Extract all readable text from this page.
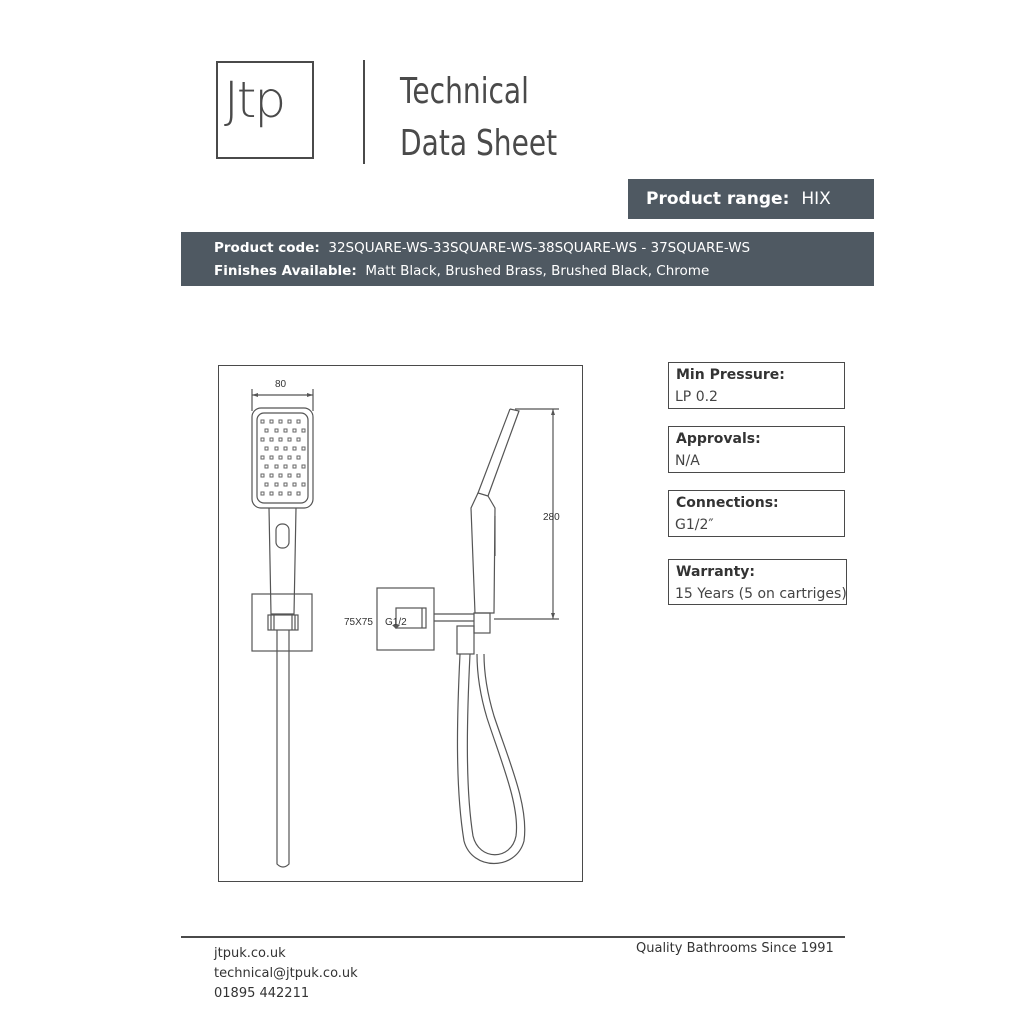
Jtp	Technical
Data Sheet
Product range: HIX
Product code: 32SQUARE-WS-33SQUARE-WS-38SQUARE-WS - 37SQUARE-WS
Finishes Available: Matt Black, Brushed Brass, Brushed Black, Chrome
80
280
75X75 G1/2
Min Pressure:
LP 0.2
Approvals:
N/A
Connections:
G1/2″
Warranty:
15 Years (5 on cartriges)
jtpuk.co.uk
technical@jtpuk.co.uk
01895 442211
Quality Bathrooms Since 1991
